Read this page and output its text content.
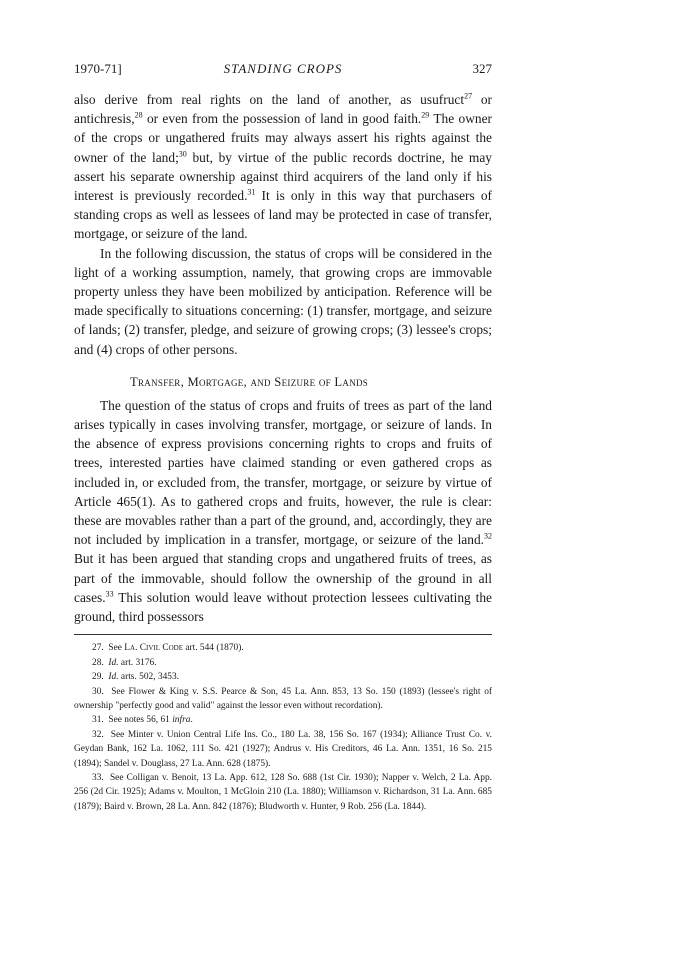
1970-71]	STANDING CROPS	327

also derive from real rights on the land of another, as usufruct$^{27}$ or antichresis,$^{28}$ or even from the possession of land in good faith.$^{29}$ The owner of the crops or ungathered fruits may always assert his rights against the owner of the land;$^{30}$ but, by virtue of the public records doctrine, he may assert his separate ownership against third acquirers of the land only if his interest is previously recorded.$^{31}$ It is only in this way that purchasers of standing crops as well as lessees of land may be protected in case of transfer, mortgage, or seizure of the land.

In the following discussion, the status of crops will be considered in the light of a working assumption, namely, that growing crops are immovable property unless they have been mobilized by anticipation. Reference will be made specifically to situations concerning: (1) transfer, mortgage, and seizure of lands; (2) transfer, pledge, and seizure of growing crops; (3) lessee's crops; and (4) crops of other persons.

Transfer, Mortgage, and Seizure of Lands

The question of the status of crops and fruits of trees as part of the land arises typically in cases involving transfer, mortgage, or seizure of lands. In the absence of express provisions concerning rights to crops and fruits of trees, interested parties have claimed standing or even gathered crops as included in, or excluded from, the transfer, mortgage, or seizure by virtue of Article 465(1). As to gathered crops and fruits, however, the rule is clear: these are movables rather than a part of the ground, and, accordingly, they are not included by implication in a transfer, mortgage, or seizure of the land.$^{32}$ But it has been argued that standing crops and ungathered fruits of trees, as part of the immovable, should follow the ownership of the ground in all cases.$^{33}$ This solution would leave without protection lessees cultivating the ground, third possessors

27. See La. Civil Code art. 544 (1870).

28. Id. art. 3176.

29. Id. arts. 502, 3453.

30. See Flower & King v. S.S. Pearce & Son, 45 La. Ann. 853, 13 So. 150 (1893) (lessee's right of ownership "perfectly good and valid" against the lessor even without recordation).

31. See notes 56, 61 infra.

32. See Minter v. Union Central Life Ins. Co., 180 La. 38, 156 So. 167 (1934); Alliance Trust Co. v. Geydan Bank, 162 La. 1062, 111 So. 421 (1927); Andrus v. His Creditors, 46 La. Ann. 1351, 16 So. 215 (1894); Sandel v. Douglass, 27 La. Ann. 628 (1875).

33. See Colligan v. Benoit, 13 La. App. 612, 128 So. 688 (1st Cir. 1930); Napper v. Welch, 2 La. App. 256 (2d Cir. 1925); Adams v. Moulton, 1 McGloin 210 (La. 1880); Williamson v. Richardson, 31 La. Ann. 685 (1879); Baird v. Brown, 28 La. Ann. 842 (1876); Bludworth v. Hunter, 9 Rob. 256 (La. 1844).
